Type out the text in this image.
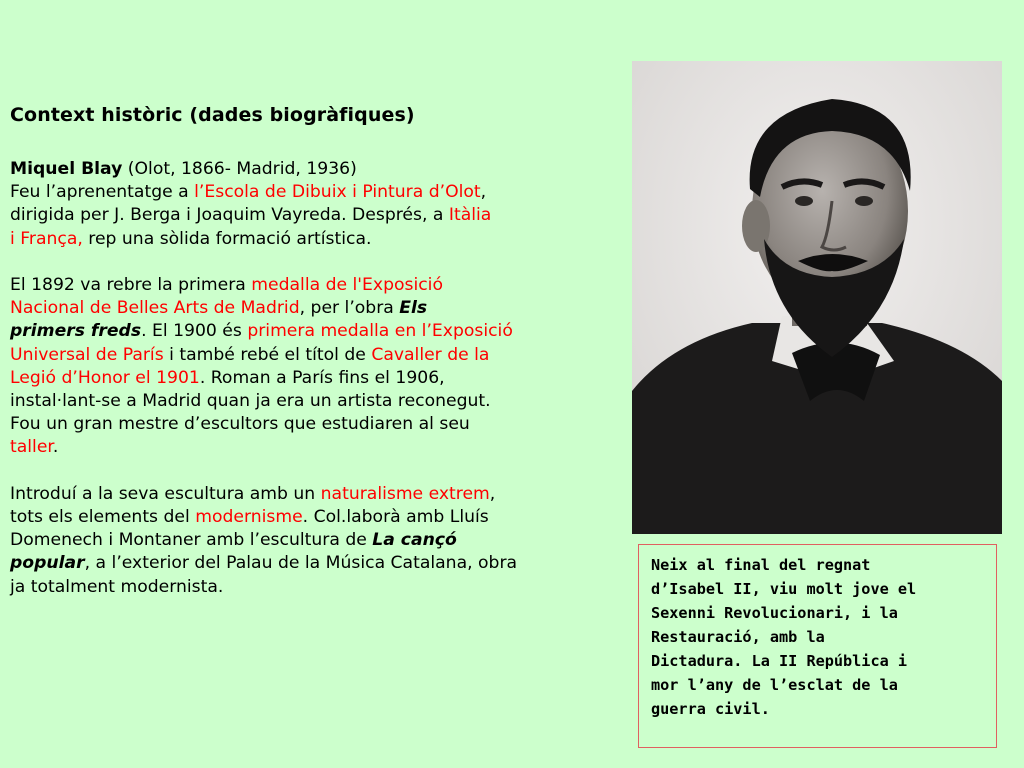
Context històric (dades biogràfiques)

Miquel Blay (Olot, 1866- Madrid, 1936)
Feu l’aprenentatge a l’Escola de Dibuix i Pintura d’Olot,
dirigida per J. Berga i Joaquim Vayreda. Després, a Itàlia
i França, rep una sòlida formació artística.

El 1892 va rebre la primera medalla de l'Exposició
Nacional de Belles Arts de Madrid, per l’obra Els
primers freds. El 1900 és primera medalla en l’Exposició
Universal de París i també rebé el títol de Cavaller de la
Legió d’Honor el 1901. Roman a París fins el 1906,
instal·lant-se a Madrid quan ja era un artista reconegut.
Fou un gran mestre d’escultors que estudiaren al seu
taller.

Introduí a la seva escultura amb un naturalisme extrem,
tots els elements del modernisme. Col.laborà amb Lluís
Domenech i Montaner amb l’escultura de La cançó
popular, a l’exterior del Palau de la Música Catalana, obra
ja totalment modernista.

Neix al final del regnat
d’Isabel II, viu molt jove el
Sexenni Revolucionari, i la
Restauració, amb la
Dictadura. La II República i
mor l’any de l’esclat de la
guerra civil.
